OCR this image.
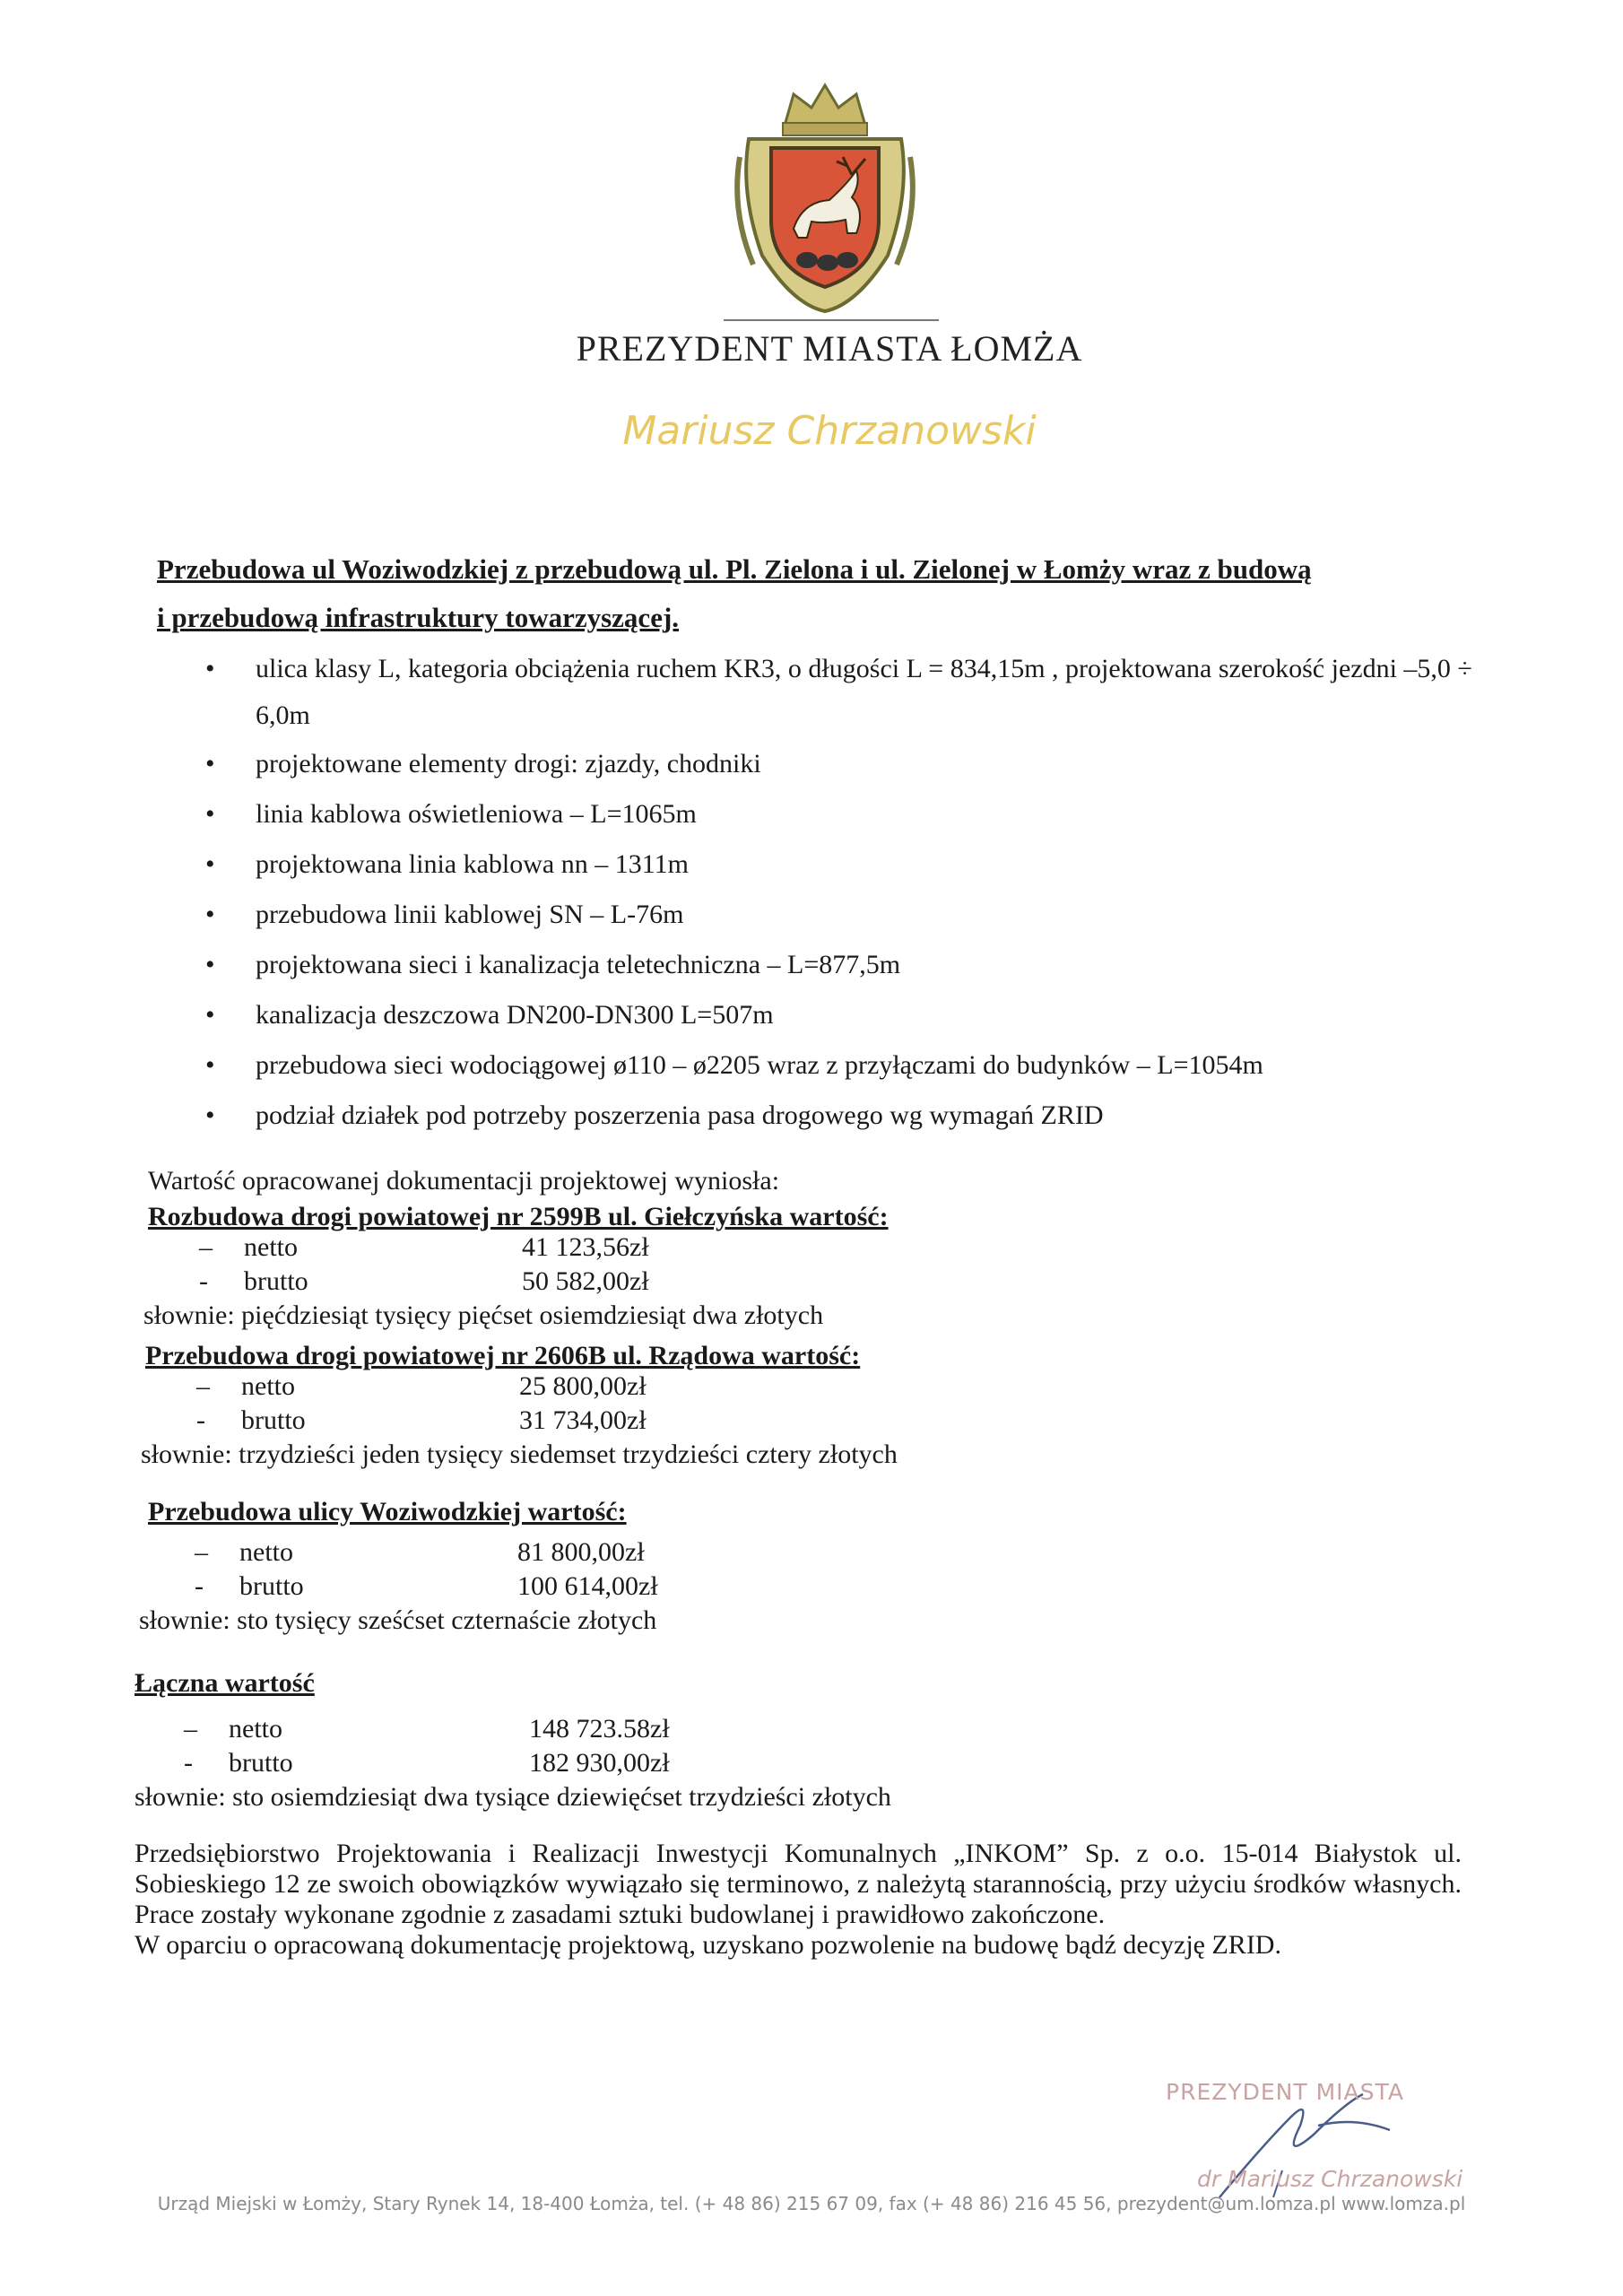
PREZYDENT MIASTA ŁOMŻA
Mariusz Chrzanowski
Przebudowa ul Woziwodzkiej z przebudową ul. Pl. Zielona i ul. Zielonej w Łomży wraz z budową
i przebudową infrastruktury towarzyszącej.
• ulica klasy L, kategoria obciążenia ruchem KR3, o długości L = 834,15m , projektowana szerokość jezdni –5,0 ÷ 6,0m
• projektowane elementy drogi: zjazdy, chodniki
• linia kablowa oświetleniowa – L=1065m
• projektowana linia kablowa nn – 1311m
• przebudowa linii kablowej SN – L-76m
• projektowana sieci i kanalizacja teletechniczna – L=877,5m
• kanalizacja deszczowa DN200-DN300 L=507m
• przebudowa sieci wodociągowej ø110 – ø2205 wraz z przyłączami do budynków – L=1054m
• podział działek pod potrzeby poszerzenia pasa drogowego wg wymagań ZRID
Wartość opracowanej dokumentacji projektowej wyniosła:
Rozbudowa drogi powiatowej nr 2599B ul. Giełczyńska wartość:
– netto	41 123,56zł
- brutto	50 582,00zł
słownie: pięćdziesiąt tysięcy pięćset osiemdziesiąt dwa złotych
Przebudowa drogi powiatowej nr 2606B ul. Rządowa wartość:
– netto	25 800,00zł
- brutto	31 734,00zł
słownie: trzydzieści jeden tysięcy siedemset trzydzieści cztery złotych
Przebudowa ulicy Woziwodzkiej wartość:
– netto	81 800,00zł
- brutto	100 614,00zł
słownie: sto tysięcy sześćset czternaście złotych
Łączna wartość
– netto	148 723.58zł
- brutto	182 930,00zł
słownie: sto osiemdziesiąt dwa tysiące dziewięćset trzydzieści złotych

Przedsiębiorstwo Projektowania i Realizacji Inwestycji Komunalnych „INKOM” Sp. z o.o. 15-014 Białystok ul. Sobieskiego 12 ze swoich obowiązków wywiązało się terminowo, z należytą starannością, przy użyciu środków własnych. Prace zostały wykonane zgodnie z zasadami sztuki budowlanej i prawidłowo zakończone.

W oparciu o opracowaną dokumentację projektową, uzyskano pozwolenie na budowę bądź decyzję ZRID.

PREZYDENT MIASTA
dr Mariusz Chrzanowski
Urząd Miejski w Łomży, Stary Rynek 14, 18-400 Łomża, tel. (+ 48 86) 215 67 09, fax (+ 48 86) 216 45 56, prezydent@um.lomza.pl www.lomza.pl
